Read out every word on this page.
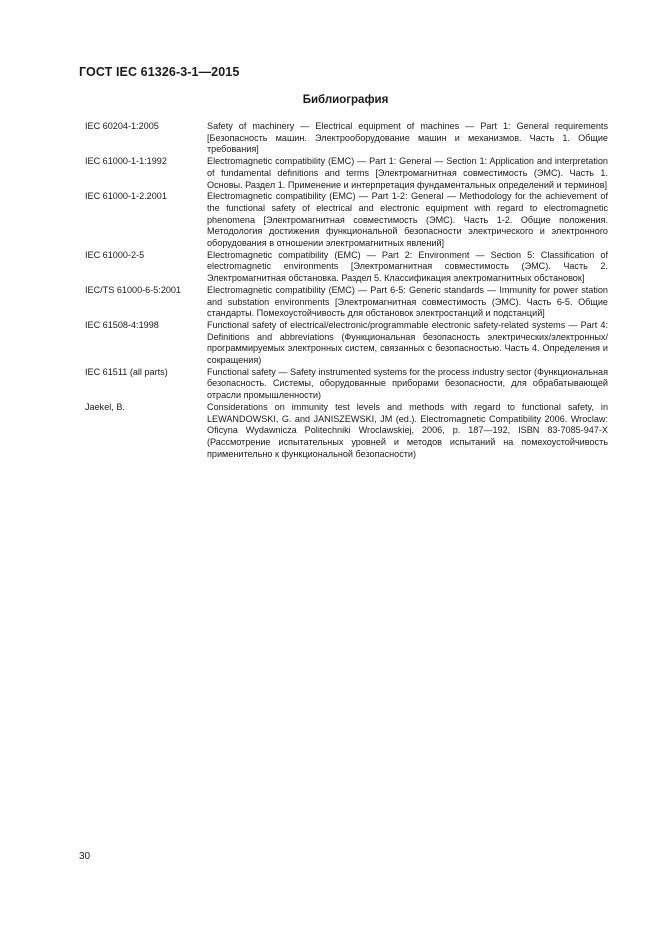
ГОСТ IEC 61326-3-1—2015
Библиография
IEC 60204-1:2005	Safety of machinery — Electrical equipment of machines — Part 1: General requirements [Безопасность машин. Электрооборудование машин и механизмов. Часть 1. Общие требования]
IEC 61000-1-1:1992	Electromagnetic compatibility (EMC) — Part 1: General — Section 1: Application and interpretation of fundamental definitions and terms [Электромагнитная совместимость (ЭМС). Часть 1. Основы. Раздел 1. Применение и интерпретация фундаментальных определений и терминов]
IEC 61000-1-2.2001	Electromagnetic compatibility (EMC) — Part 1-2: General — Methodology for the achievement of the functional safety of electrical and electronic equipment with regard to electromagnetic phenomena [Электромагнитная совместимость (ЭМС). Часть 1-2. Общие положения. Методология достижения функциональной безопасности электрического и электронного оборудования в отношении электромагнитных явлений]
IEC 61000-2-5	Electromagnetic compatibility (EMC) — Part 2: Environment — Section 5: Classification of electromagnetic environments [Электромагнитная совместимость (ЭМС). Часть 2. Электромагнитная обстановка. Раздел 5. Классификация электромагнитных обстановок]
IEC/TS 61000-6-5:2001	Electromagnetic compatibility (EMC) — Part 6-5: Generic standards — Immunity for power station and substation environments [Электромагнитная совместимость (ЭМС). Часть 6-5. Общие стандарты. Помехоустойчивость для обстановок электростанций и подстанций]
IEC 61508-4:1998	Functional safety of electrical/electronic/programmable electronic safety-related systems — Part 4: Definitions and abbreviations (Функциональная безопасность электрических/электронных/программируемых электронных систем, связанных с безопасностью. Часть 4. Определения и сокращения)
IEC 61511 (all parts)	Functional safety — Safety instrumented systems for the process industry sector (Функциональная безопасность. Системы, оборудованные приборами безопасности, для обрабатывающей отрасли промышленности)
Jaekel, B.	Considerations on immunity test levels and methods with regard to functional safety, in LEWANDOWSKI, G. and JANISZEWSKI, JM (ed.). Electromagnetic Compatibility 2006. Wroclaw: Oficyna Wydawnicza Politechniki Wroclawskiej, 2006, p. 187—192, ISBN 83-7085-947-X (Рассмотрение испытательных уровней и методов испытаний на помехоустойчивость применительно к функциональной безопасности)
30
